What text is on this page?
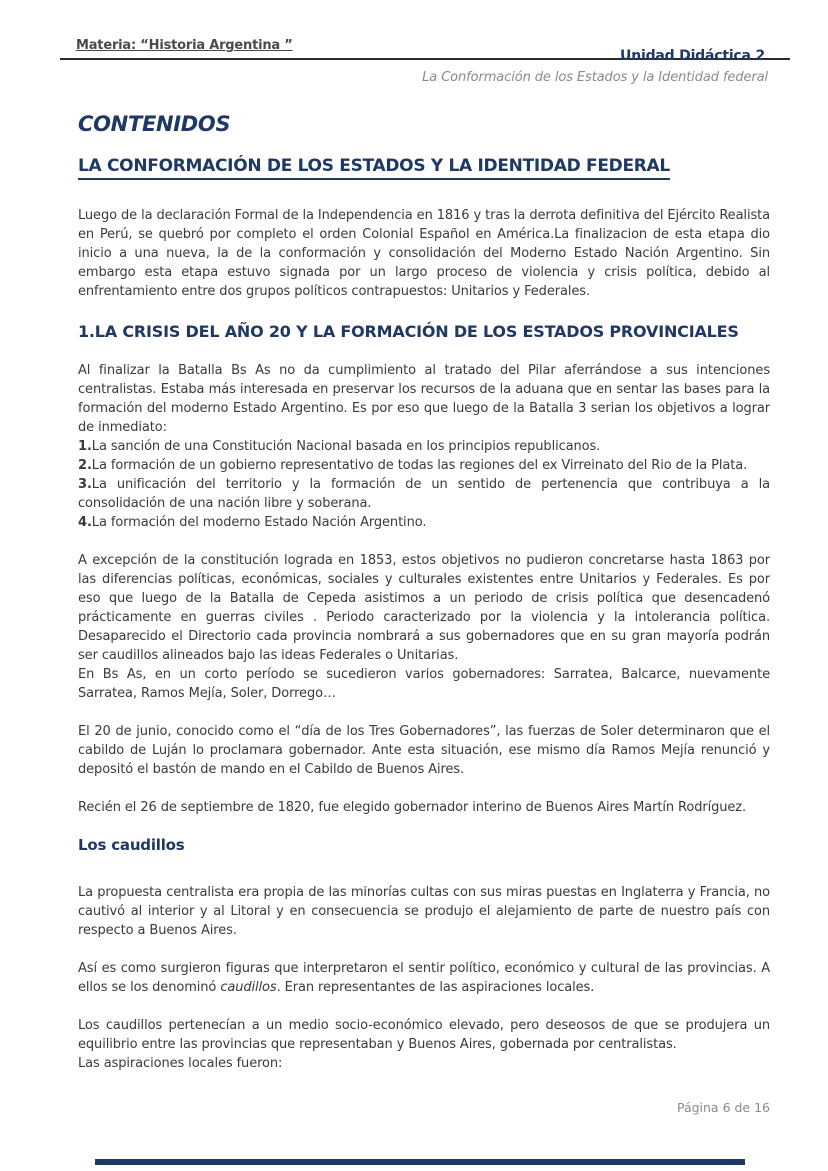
Materia: “Historia Argentina ”
Unidad Didáctica 2
La Conformación de los Estados y la Identidad federal
CONTENIDOS
LA CONFORMACIÓN DE LOS ESTADOS Y LA IDENTIDAD FEDERAL
Luego de la declaración Formal de la Independencia en 1816 y tras la derrota definitiva del Ejército Realista en Perú, se quebró por completo el orden Colonial Español en América.La finalizacion de esta etapa dio inicio a una nueva, la de la conformación y consolidación del Moderno Estado Nación Argentino. Sin embargo esta etapa estuvo signada por un largo proceso de violencia y crisis política, debido al enfrentamiento entre dos grupos políticos contrapuestos: Unitarios y Federales.
1.LA CRISIS DEL AÑO 20 Y LA FORMACIÓN DE LOS ESTADOS PROVINCIALES
Al finalizar la Batalla Bs As no da cumplimiento al tratado del Pilar aferrándose a sus intenciones centralistas. Estaba más interesada en preservar los recursos de la aduana que en sentar las bases para la formación del moderno Estado Argentino. Es por eso que luego de la Batalla 3 serian los objetivos a lograr de inmediato:
1.La sanción de una Constitución Nacional basada en los principios republicanos.
2.La formación de un gobierno representativo de todas las regiones del ex Virreinato del Rio de la Plata.
3.La unificación del territorio y la formación de un sentido de pertenencia que contribuya a la consolidación de una nación libre y soberana.
4.La formación del moderno Estado Nación Argentino.
A excepción de la constitución lograda en 1853, estos objetivos no pudieron concretarse hasta 1863 por las diferencias políticas, económicas, sociales y culturales existentes entre Unitarios y Federales. Es por eso que luego de la Batalla de Cepeda asistimos a un periodo de crisis política que desencadenó prácticamente en guerras civiles . Periodo caracterizado por la violencia y la intolerancia política. Desaparecido el Directorio cada provincia nombrará a sus gobernadores que en su gran mayoría podrán ser caudillos alineados bajo las ideas Federales o Unitarias.
En Bs As, en un corto período se sucedieron varios gobernadores: Sarratea, Balcarce, nuevamente Sarratea, Ramos Mejía, Soler, Dorrego…
El 20 de junio, conocido como el “día de los Tres Gobernadores”, las fuerzas de Soler determinaron que el cabildo de Luján lo proclamara gobernador. Ante esta situación, ese mismo día Ramos Mejía renunció y depositó el bastón de mando en el Cabildo de Buenos Aires.
Recién el 26 de septiembre de 1820, fue elegido gobernador interino de Buenos Aires Martín Rodríguez.
Los caudillos
La propuesta centralista era propia de las minorías cultas con sus miras puestas en Inglaterra y Francia, no cautivó al interior y al Litoral y en consecuencia se produjo el alejamiento de parte de nuestro país con respecto a Buenos Aires.
Así es como surgieron figuras que interpretaron el sentir político, económico y cultural de las provincias. A ellos se los denominó caudillos. Eran representantes de las aspiraciones locales.
Los caudillos pertenecían a un medio socio-económico elevado, pero deseosos de que se produjera un equilibrio entre las provincias que representaban y Buenos Aires, gobernada por centralistas.
Las aspiraciones locales fueron:
Página 6 de 16
